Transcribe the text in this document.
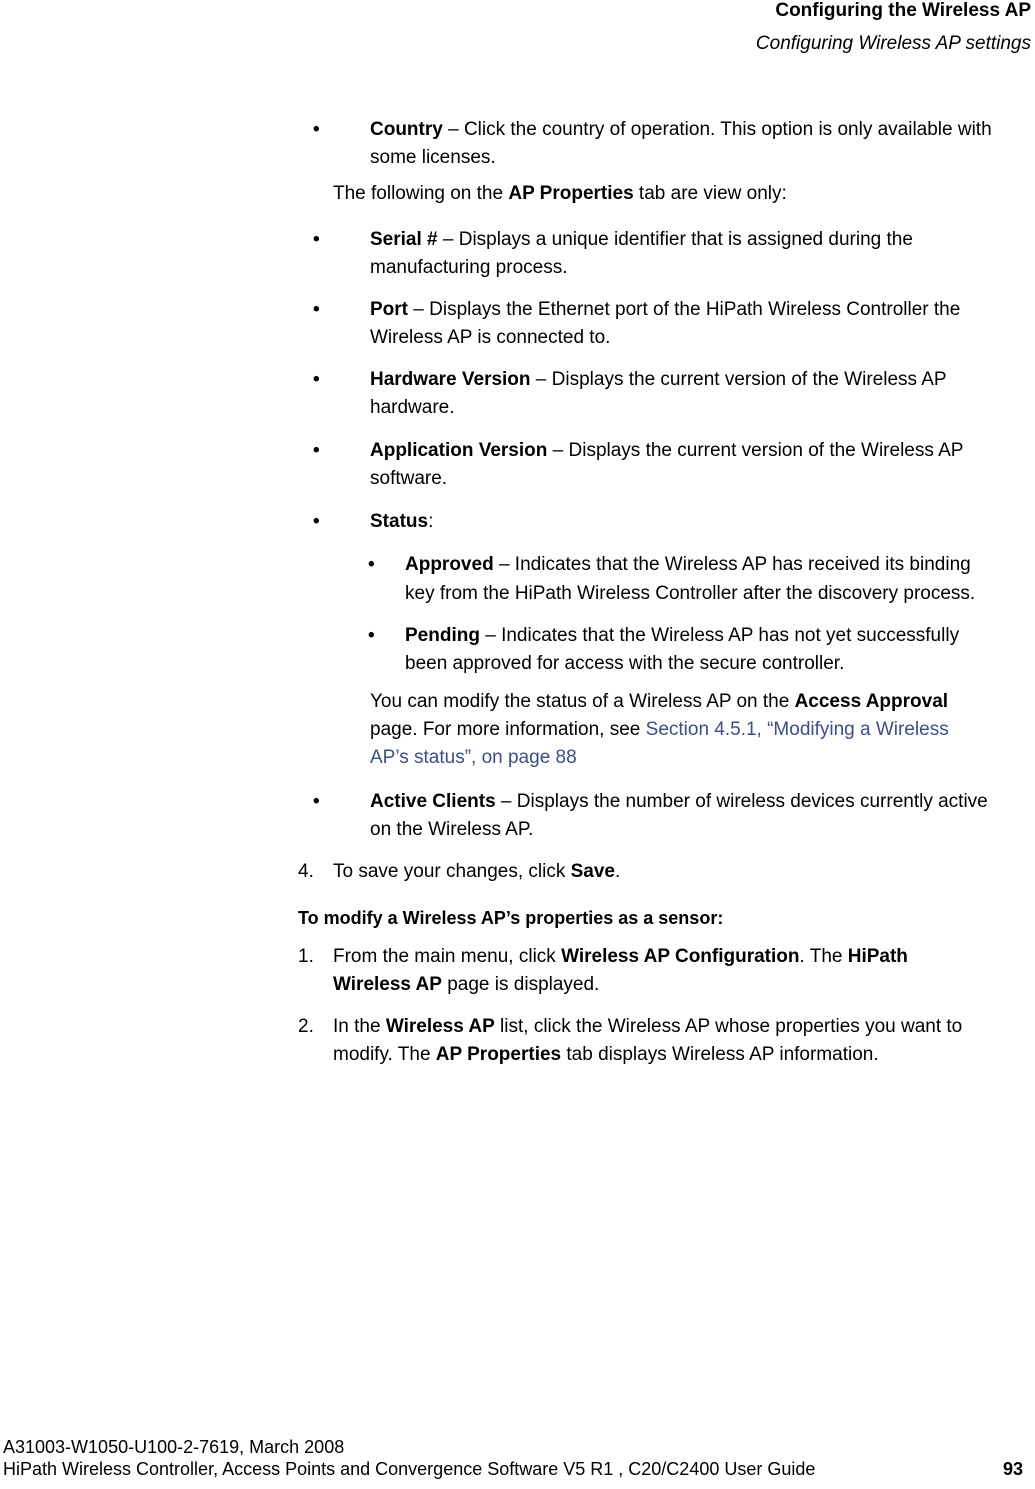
Configuring the Wireless AP
Configuring Wireless AP settings
•	Country – Click the country of operation. This option is only available with
some licenses.
The following on the AP Properties tab are view only:
•	Serial # – Displays a unique identifier that is assigned during the
manufacturing process.
•	Port – Displays the Ethernet port of the HiPath Wireless Controller the
Wireless AP is connected to.
•	Hardware Version – Displays the current version of the Wireless AP
hardware.
•	Application Version – Displays the current version of the Wireless AP
software.
•	Status:
• Approved – Indicates that the Wireless AP has received its binding
key from the HiPath Wireless Controller after the discovery process.
• Pending – Indicates that the Wireless AP has not yet successfully
been approved for access with the secure controller.
You can modify the status of a Wireless AP on the Access Approval
page. For more information, see Section 4.5.1, “Modifying a Wireless
AP’s status”, on page 88
•	Active Clients – Displays the number of wireless devices currently active
on the Wireless AP.
4. To save your changes, click Save.
To modify a Wireless AP’s properties as a sensor:
1. From the main menu, click Wireless AP Configuration. The HiPath
Wireless AP page is displayed.
2. In the Wireless AP list, click the Wireless AP whose properties you want to
modify. The AP Properties tab displays Wireless AP information.
A31003-W1050-U100-2-7619, March 2008
HiPath Wireless Controller, Access Points and Convergence Software V5 R1 , C20/C2400 User Guide	93
